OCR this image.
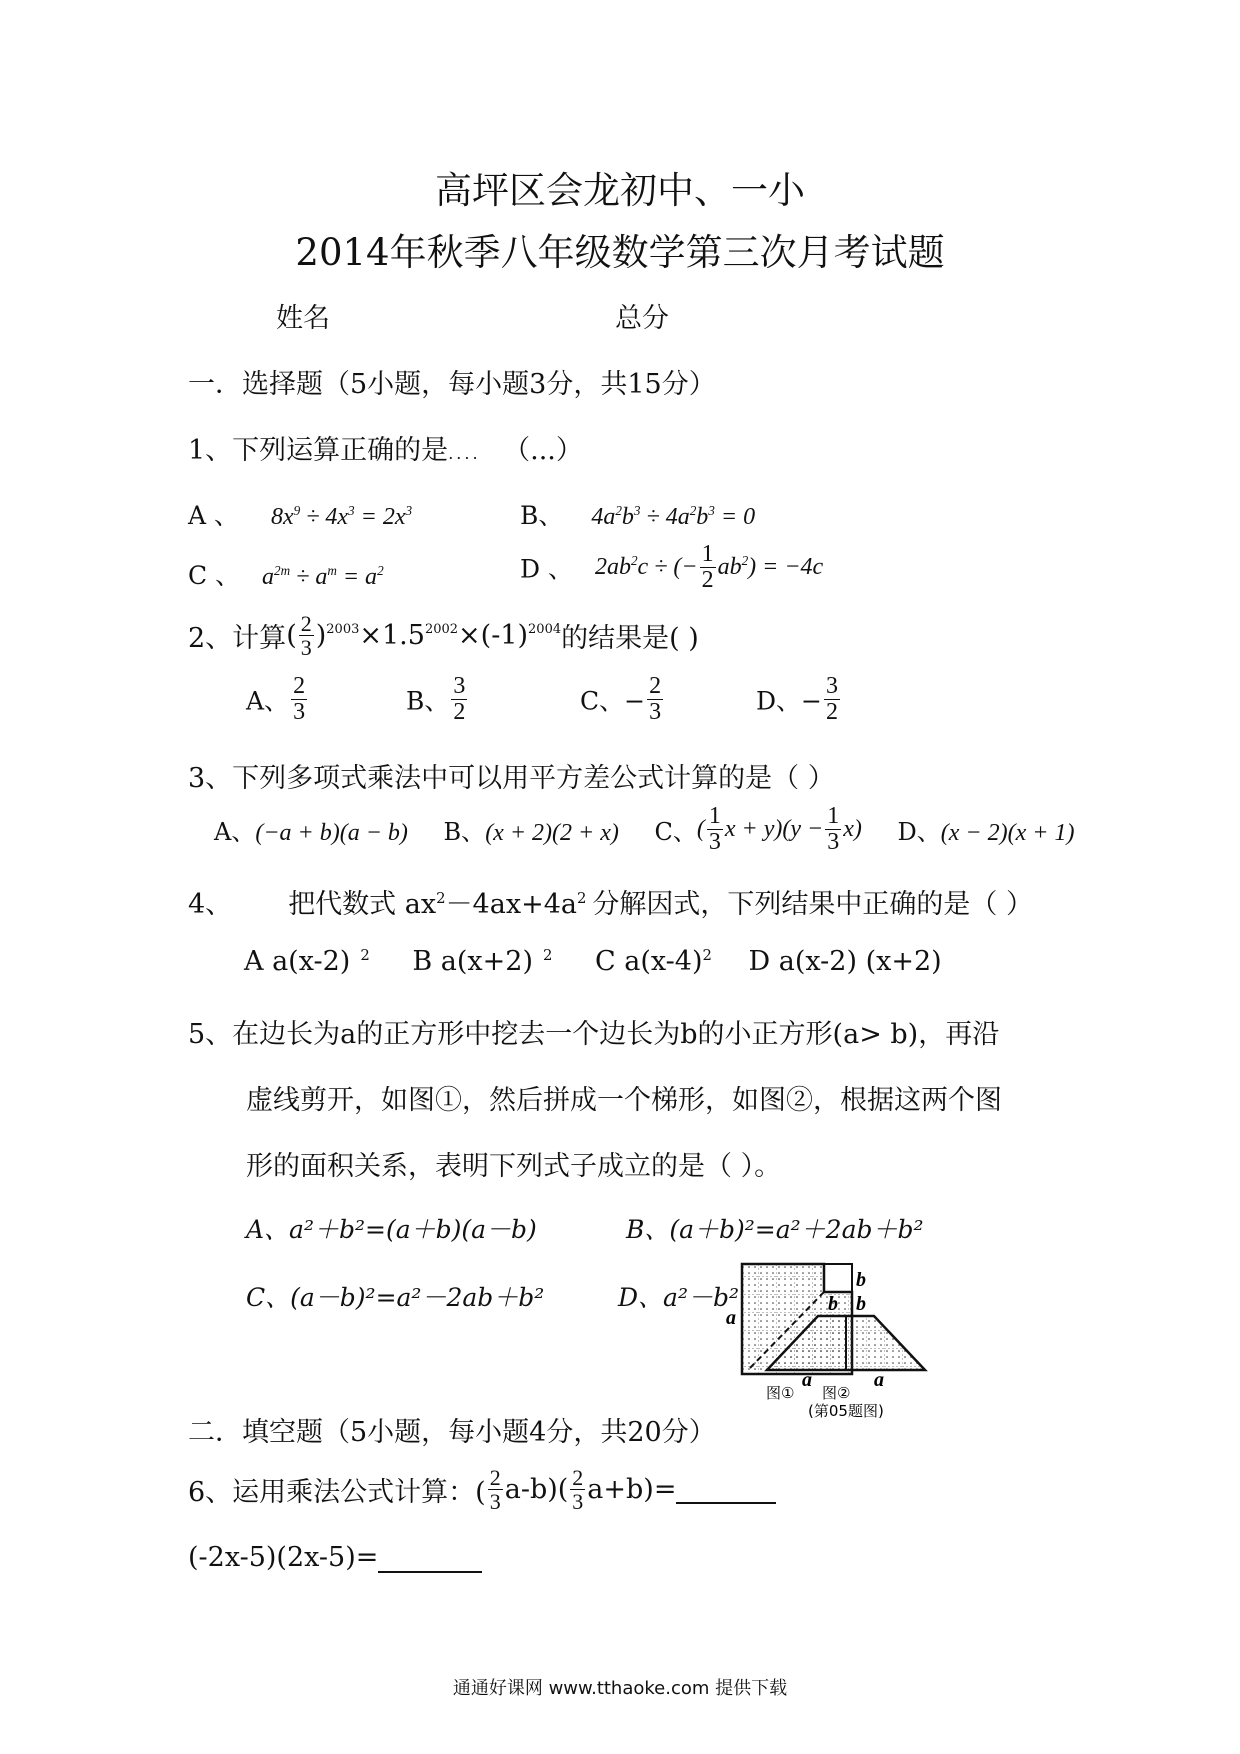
高坪区会龙初中、一小
2014年秋季八年级数学第三次月考试题
姓名	总分
一．选择题（5小题，每小题3分，共15分）
1、下列运算正确的是.... （...）
A 、 $8x^9 \div 4x^3 = 2x^3$	B、 $4a^2b^3 \div 4a^2b^3 = 0$
C 、 $a^{2m} \div a^m = a^2$	D 、 $2ab^2c$ ÷ (− $\frac{1}{2} ab^2) = -4c$
2、计算( $\frac{2}{3} )^{2003}\times 1.5^{2002}\times(-1)^{2004}$的结果是( )
A、 $\frac{2}{3}$	B、 $\frac{3}{2}$	C、− $\frac{2}{3}$	D、− $\frac{3}{2}$
3、下列多项式乘法中可以用平方差公式计算的是（ ）
A、(−a + b)(a − b) B、(x + 2)(2 + x) C、( $\frac{1}{3}$ $x + y)(y - \frac{1}{3} x)$ D、(x − 2)(x + 1)
4、 把代数式 $ax^2-4ax+4a^2$ 分解因式，下列结果中正确的是（ ）
A a(x-2) $^2$ B a(x+2) $^2$ C $a(x-4)^2$ D a(x-2) (x+2)
5、在边长为a的正方形中挖去一个边长为b的小正方形(a> b)，再沿
虚线剪开，如图①，然后拼成一个梯形，如图②，根据这两个图
形的面积关系，表明下列式子成立的是（ ）。
A、a²＋b²=(a＋b)(a－b)	B、(a＋b)²=a²＋2ab＋b²
C、(a－b)²=a²－2ab＋b²	D、a²－b²
a
b
b b
a	a
图① 图②
(第05题图)
二．填空题（5小题，每小题4分，共20分）
6、运用乘法公式计算：( $\frac{2}{3} a-b)( \frac{2}{3} a+b)=$
(-2x-5)(2x-5)=
通通好课网 www.tthaoke.com 提供下载
